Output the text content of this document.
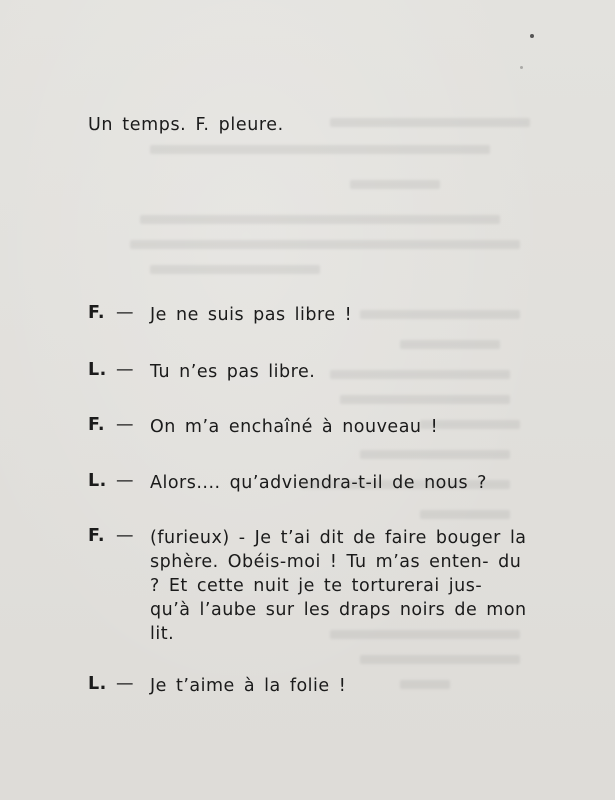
Un temps. F. pleure.
F. — Je ne suis pas libre !
L. — Tu n’es pas libre.
F. — On m’a enchaîné à nouveau !
L. — Alors.... qu’adviendra-t-il de nous ?
F. — (furieux) - Je t’ai dit de faire bouger la sphère. Obéis-moi ! Tu m’as enten- du ? Et cette nuit je te torturerai jus- qu’à l’aube sur les draps noirs de mon lit.
L. — Je t’aime à la folie !
